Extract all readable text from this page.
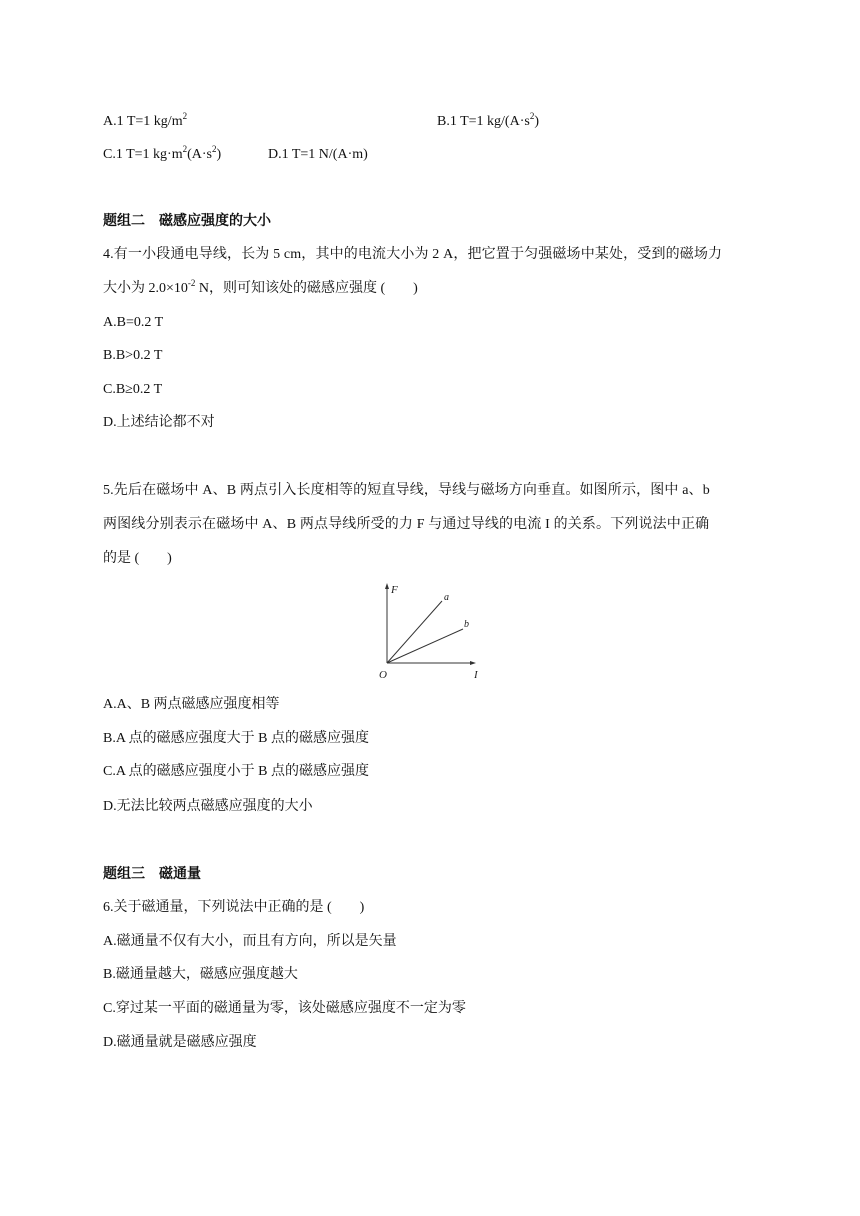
A.1 T=1 $kg/m^2$	B.1 T=1 $kg/(A\cdot s^2)$
C.1 T=1 $kg\cdot m^2(A\cdot s^2)$	D.1 T=1 N/(A·m)
题组二　磁感应强度的大小
4.有一小段通电导线，长为 5 cm，其中的电流大小为 2 A，把它置于匀强磁场中某处，受到的磁场力
大小为 $2.0\times 10^{-2}$ N，则可知该处的磁感应强度 (　　)
A.B=0.2 T
B.B>0.2 T
C.B≥0.2 T
D.上述结论都不对
5.先后在磁场中 A、B 两点引入长度相等的短直导线，导线与磁场方向垂直。如图所示，图中 a、b
两图线分别表示在磁场中 A、B 两点导线所受的力 F 与通过导线的电流 I 的关系。下列说法中正确
的是 (　　)
F
I
O
a
b
A.A、B 两点磁感应强度相等
B.A 点的磁感应强度大于 B 点的磁感应强度
C.A 点的磁感应强度小于 B 点的磁感应强度
D.无法比较两点磁感应强度的大小
题组三　磁通量
6.关于磁通量，下列说法中正确的是 (　　)
A.磁通量不仅有大小，而且有方向，所以是矢量
B.磁通量越大，磁感应强度越大
C.穿过某一平面的磁通量为零，该处磁感应强度不一定为零
D.磁通量就是磁感应强度
